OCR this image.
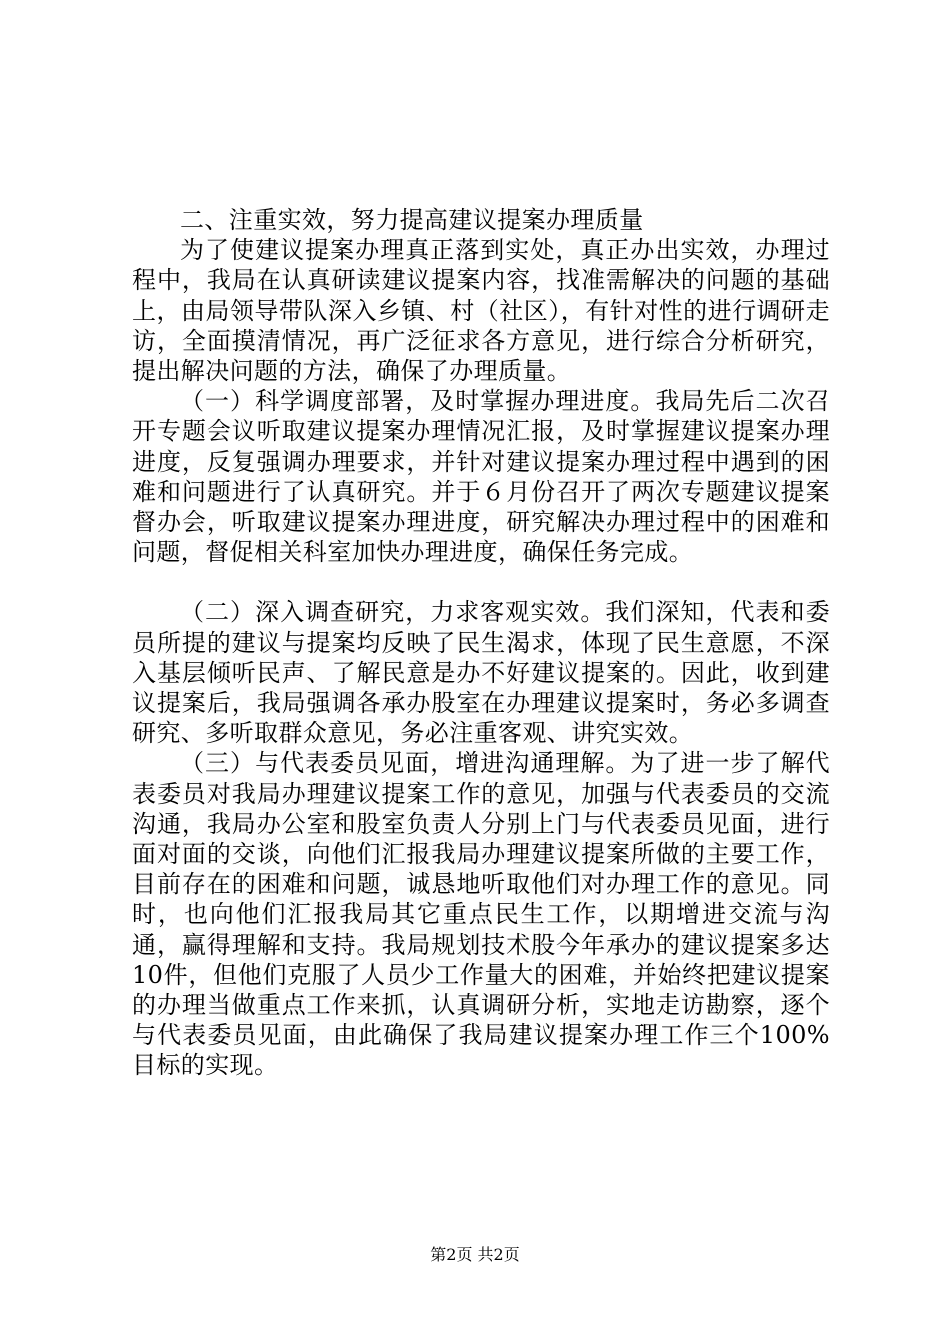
二、注重实效，努力提高建议提案办理质量

为了使建议提案办理真正落到实处，真正办出实效，办理过程中，我局在认真研读建议提案内容，找准需解决的问题的基础上，由局领导带队深入乡镇、村（社区），有针对性的进行调研走访，全面摸清情况，再广泛征求各方意见，进行综合分析研究，提出解决问题的方法，确保了办理质量。

（一）科学调度部署，及时掌握办理进度。我局先后二次召开专题会议听取建议提案办理情况汇报，及时掌握建议提案办理进度，反复强调办理要求，并针对建议提案办理过程中遇到的困难和问题进行了认真研究。并于６月份召开了两次专题建议提案督办会，听取建议提案办理进度，研究解决办理过程中的困难和问题，督促相关科室加快办理进度，确保任务完成。

（二）深入调查研究，力求客观实效。我们深知，代表和委员所提的建议与提案均反映了民生渴求，体现了民生意愿，不深入基层倾听民声、了解民意是办不好建议提案的。因此，收到建议提案后，我局强调各承办股室在办理建议提案时，务必多调查研究、多听取群众意见，务必注重客观、讲究实效。

（三）与代表委员见面，增进沟通理解。为了进一步了解代表委员对我局办理建议提案工作的意见，加强与代表委员的交流沟通，我局办公室和股室负责人分别上门与代表委员见面，进行面对面的交谈，向他们汇报我局办理建议提案所做的主要工作，目前存在的困难和问题，诚恳地听取他们对办理工作的意见。同时，也向他们汇报我局其它重点民生工作，以期增进交流与沟通，赢得理解和支持。我局规划技术股今年承办的建议提案多达10件，但他们克服了人员少工作量大的困难，并始终把建议提案的办理当做重点工作来抓，认真调研分析，实地走访勘察，逐个与代表委员见面，由此确保了我局建议提案办理工作三个100%目标的实现。

第2页 共2页
